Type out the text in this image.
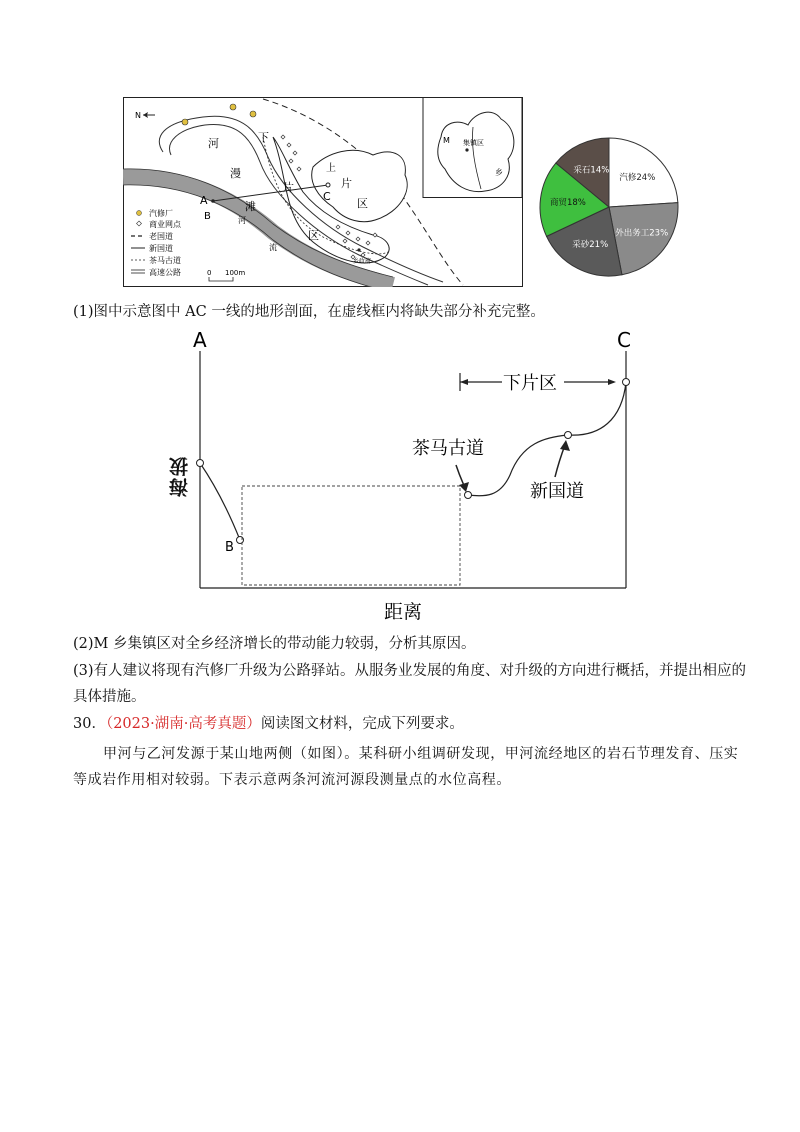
N
河
漫
滩
下
片
区
上
片
区
A
B
C
河
流
乡政府
汽修厂
商业网点
老国道
新国道
茶马古道
高速公路	0 100m
M 集镇区
乡
汽修24%
外出务工23%
采砂21%
商贸18%
采石14%
(1)图中示意图中 AC 一线的地形剖面，在虚线框内将缺失部分补充完整。
A	C
B
下片区
茶马古道
新国道
距离
海拔
(2)M 乡集镇区对全乡经济增长的带动能力较弱，分析其原因。
(3)有人建议将现有汽修厂升级为公路驿站。从服务业发展的角度、对升级的方向进行概括，并提出相应的
具体措施。
30．（2023·湖南·高考真题）阅读图文材料，完成下列要求。
甲河与乙河发源于某山地两侧（如图）。某科研小组调研发现，甲河流经地区的岩石节理发育、压实
等成岩作用相对较弱。下表示意两条河流河源段测量点的水位高程。
